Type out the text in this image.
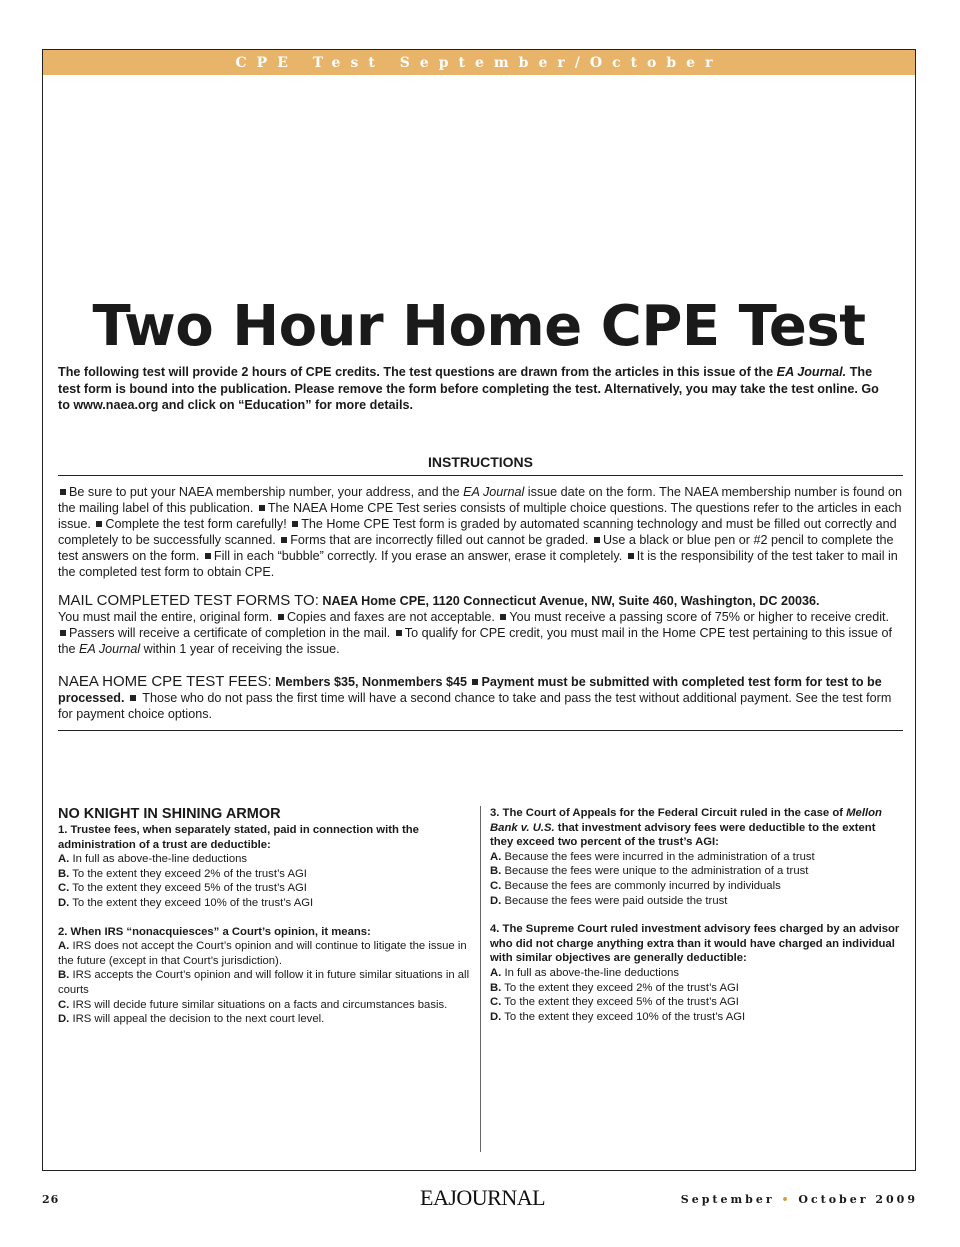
CPE Test September/October
Two Hour Home CPE Test
The following test will provide 2 hours of CPE credits. The test questions are drawn from the articles in this issue of the EA Journal. The test form is bound into the publication. Please remove the form before completing the test. Alternatively, you may take the test online. Go to www.naea.org and click on “Education” for more details.
INSTRUCTIONS
Be sure to put your NAEA membership number, your address, and the EA Journal issue date on the form. The NAEA membership number is found on the mailing label of this publication. The NAEA Home CPE Test series consists of multiple choice questions. The questions refer to the articles in each issue. Complete the test form carefully! The Home CPE Test form is graded by automated scanning technology and must be filled out correctly and completely to be successfully scanned. Forms that are incorrectly filled out cannot be graded. Use a black or blue pen or #2 pencil to complete the test answers on the form. Fill in each “bubble” correctly. If you erase an answer, erase it completely. It is the responsibility of the test taker to mail in the completed test form to obtain CPE.
MAIL COMPLETED TEST FORMS TO: NAEA Home CPE, 1120 Connecticut Avenue, NW, Suite 460, Washington, DC 20036.
You must mail the entire, original form. Copies and faxes are not acceptable. You must receive a passing score of 75% or higher to receive credit. Passers will receive a certificate of completion in the mail. To qualify for CPE credit, you must mail in the Home CPE test pertaining to this issue of the EA Journal within 1 year of receiving the issue.
NAEA HOME CPE TEST FEES: Members $35, Nonmembers $45 Payment must be submitted with completed test form for test to be processed.  Those who do not pass the first time will have a second chance to take and pass the test without additional payment. See the test form for payment choice options.
NO KNIGHT IN SHINING ARMOR
1. Trustee fees, when separately stated, paid in connection with the administration of a trust are deductible:
A. In full as above-the-line deductions
B. To the extent they exceed 2% of the trust’s AGI
C. To the extent they exceed 5% of the trust’s AGI
D. To the extent they exceed 10% of the trust’s AGI
2. When IRS “nonacquiesces” a Court’s opinion, it means:
A. IRS does not accept the Court’s opinion and will continue to litigate the issue in the future (except in that Court’s jurisdiction).
B. IRS accepts the Court’s opinion and will follow it in future similar situations in all courts
C. IRS will decide future similar situations on a facts and circumstances basis.
D. IRS will appeal the decision to the next court level.
3. The Court of Appeals for the Federal Circuit ruled in the case of Mellon Bank v. U.S. that investment advisory fees were deductible to the extent they exceed two percent of the trust’s AGI:
A. Because the fees were incurred in the administration of a trust
B. Because the fees were unique to the administration of a trust
C. Because the fees are commonly incurred by individuals
D. Because the fees were paid outside the trust
4. The Supreme Court ruled investment advisory fees charged by an advisor who did not charge anything extra than it would have charged an individual with similar objectives are generally deductible:
A. In full as above-the-line deductions
B. To the extent they exceed 2% of the trust’s AGI
C. To the extent they exceed 5% of the trust’s AGI
D. To the extent they exceed 10% of the trust’s AGI
26	EAJOURNAL	September • October 2009
